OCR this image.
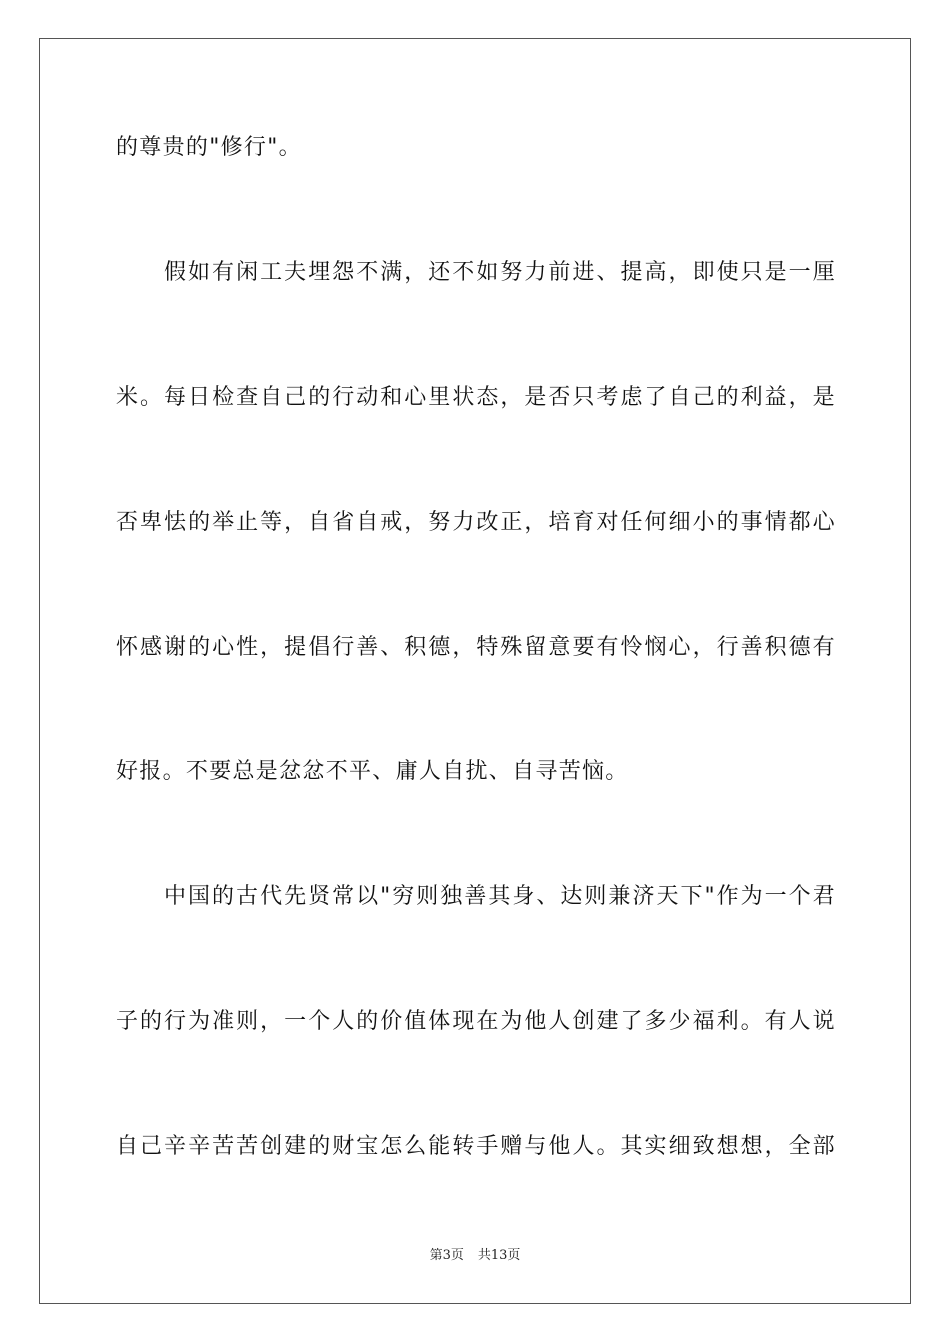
的尊贵的"修行"。
假如有闲工夫埋怨不满，还不如努力前进、提高，即使只是一厘
米。每日检查自己的行动和心里状态，是否只考虑了自己的利益，是
否卑怯的举止等，自省自戒，努力改正，培育对任何细小的事情都心
怀感谢的心性，提倡行善、积德，特殊留意要有怜悯心，行善积德有
好报。不要总是忿忿不平、庸人自扰、自寻苦恼。
中国的古代先贤常以"穷则独善其身、达则兼济天下"作为一个君
子的行为准则，一个人的价值体现在为他人创建了多少福利。有人说
自己辛辛苦苦创建的财宝怎么能转手赠与他人。其实细致想想，全部
第3页 共13页
